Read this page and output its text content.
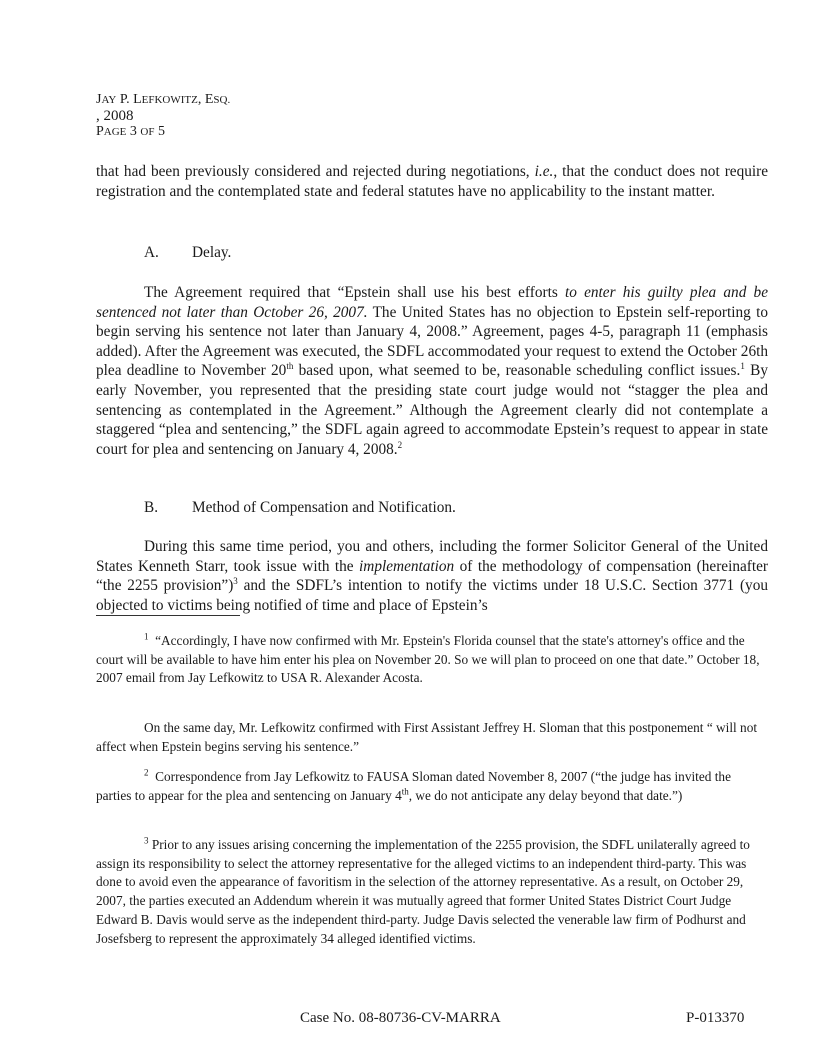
JAY P. LEFKOWITZ, ESQ.
, 2008
PAGE 3 OF 5

that had been previously considered and rejected during negotiations, i.e., that the conduct does not require registration and the contemplated state and federal statutes have no applicability to the instant matter.

A. Delay.

The Agreement required that “Epstein shall use his best efforts to enter his guilty plea and be sentenced not later than October 26, 2007. The United States has no objection to Epstein self-reporting to begin serving his sentence not later than January 4, 2008.” Agreement, pages 4-5, paragraph 11 (emphasis added). After the Agreement was executed, the SDFL accommodated your request to extend the October 26th plea deadline to November 20th based upon, what seemed to be, reasonable scheduling conflict issues.$^1$ By early November, you represented that the presiding state court judge would not “stagger the plea and sentencing as contemplated in the Agreement.” Although the Agreement clearly did not contemplate a staggered “plea and sentencing,” the SDFL again agreed to accommodate Epstein’s request to appear in state court for plea and sentencing on January 4, 2008.$^2$

B. Method of Compensation and Notification.

During this same time period, you and others, including the former Solicitor General of the United States Kenneth Starr, took issue with the implementation of the methodology of compensation (hereinafter “the 2255 provision”)$^3$ and the SDFL’s intention to notify the victims under 18 U.S.C. Section 3771 (you objected to victims being notified of time and place of Epstein’s

$^1$ “Accordingly, I have now confirmed with Mr. Epstein's Florida counsel that the state's attorney's office and the court will be available to have him enter his plea on November 20. So we will plan to proceed on one that date.” October 18, 2007 email from Jay Lefkowitz to USA R. Alexander Acosta.

On the same day, Mr. Lefkowitz confirmed with First Assistant Jeffrey H. Sloman that this postponement “ will not affect when Epstein begins serving his sentence.”

$^2$ Correspondence from Jay Lefkowitz to FAUSA Sloman dated November 8, 2007 (“the judge has invited the parties to appear for the plea and sentencing on January 4th, we do not anticipate any delay beyond that date.”)

$^3$ Prior to any issues arising concerning the implementation of the 2255 provision, the SDFL unilaterally agreed to assign its responsibility to select the attorney representative for the alleged victims to an independent third-party. This was done to avoid even the appearance of favoritism in the selection of the attorney representative. As a result, on October 29, 2007, the parties executed an Addendum wherein it was mutually agreed that former United States District Court Judge Edward B. Davis would serve as the independent third-party. Judge Davis selected the venerable law firm of Podhurst and Josefsberg to represent the approximately 34 alleged identified victims.

Case No. 08-80736-CV-MARRA	P-013370
